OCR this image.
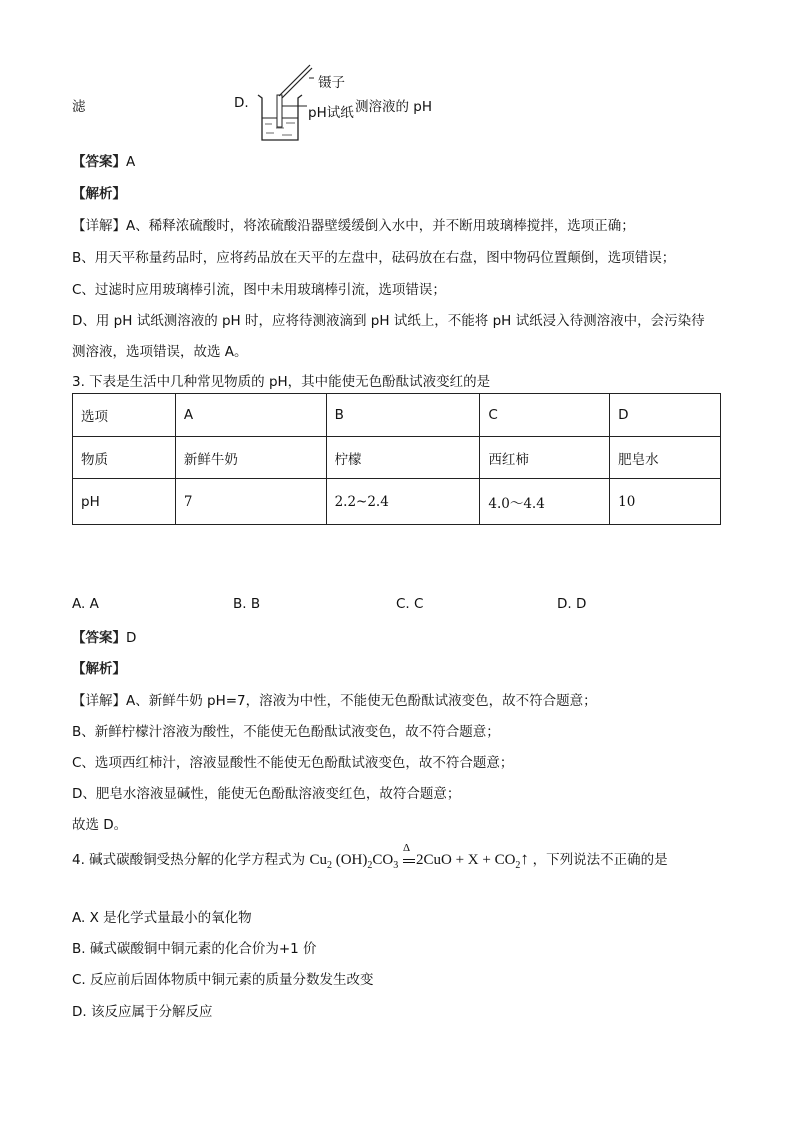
滤	D.
镊子
pH试纸 测溶液的 pH
【答案】A
【解析】
【详解】A、稀释浓硫酸时，将浓硫酸沿器壁缓缓倒入水中，并不断用玻璃棒搅拌，选项正确；
B、用天平称量药品时，应将药品放在天平的左盘中，砝码放在右盘，图中物码位置颠倒，选项错误；
C、过滤时应用玻璃棒引流，图中未用玻璃棒引流，选项错误；
D、用 pH 试纸测溶液的 pH 时，应将待测液滴到 pH 试纸上，不能将 pH 试纸浸入待测溶液中，会污染待
测溶液，选项错误，故选 A。
3. 下表是生活中几种常见物质的 pH，其中能使无色酚酞试液变红的是
选项	A	B	C	D
物质	新鲜牛奶	柠檬	西红柿	肥皂水
pH	7	2.2~2.4	4.0～4.4	10
A. A	B. B	C. C	D. D
【答案】D
【解析】
【详解】A、新鲜牛奶 pH=7，溶液为中性，不能使无色酚酞试液变色，故不符合题意；
B、新鲜柠檬汁溶液为酸性，不能使无色酚酞试液变色，故不符合题意；
C、选项西红柿汁，溶液显酸性不能使无色酚酞试液变色，故不符合题意；
D、肥皂水溶液显碱性，能使无色酚酞溶液变红色，故符合题意；
故选 D。
4. 碱式碳酸铜受热分解的化学方程式为 $Cu_2$ $(OH)_2CO_3$
Δ
$2CuO + X + CO_2↑$ ，下列说法不正确的是
A. X 是化学式量最小的氧化物
B. 碱式碳酸铜中铜元素的化合价为+1 价
C. 反应前后固体物质中铜元素的质量分数发生改变
D. 该反应属于分解反应
